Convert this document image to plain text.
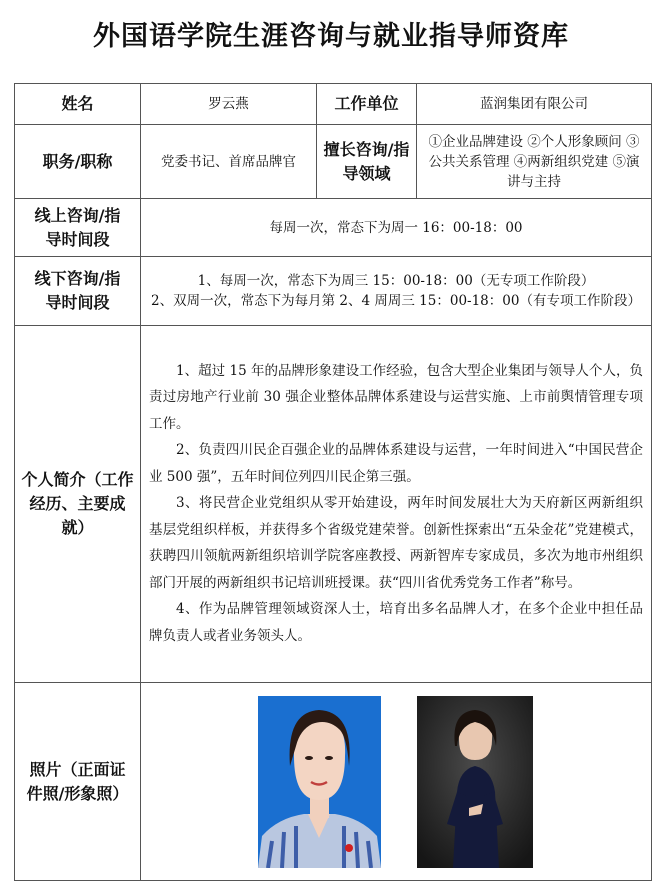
外国语学院生涯咨询与就业指导师资库
姓名	罗云燕	工作单位	蓝润集团有限公司
职务/职称	党委书记、首席品牌官	擅长咨询/指导领域	①企业品牌建设 ②个人形象顾问 ③公共关系管理 ④两新组织党建 ⑤演讲与主持
线上咨询/指导时间段	每周一次，常态下为周一 16：00-18：00		
线下咨询/指导时间段	1、每周一次，常态下为周三 15：00-18：00（无专项工作阶段）
2、双周一次，常态下为每月第 2、4 周周三 15：00-18：00（有专项工作阶段）		

个人简介（工作经历、主要成就）	1、超过 15 年的品牌形象建设工作经验，包含大型企业集团与领导人个人，负责过房地产行业前 30 强企业整体品牌体系建设与运营实施、上市前舆情管理专项工作。

2、负责四川民企百强企业的品牌体系建设与运营，一年时间进入“中国民营企业 500 强”，五年时间位列四川民企第三强。

3、将民营企业党组织从零开始建设，两年时间发展壮大为天府新区两新组织基层党组织样板，并获得多个省级党建荣誉。创新性探索出“五朵金花”党建模式，获聘四川领航两新组织培训学院客座教授、两新智库专家成员，多次为地市州组织部门开展的两新组织书记培训班授课。获“四川省优秀党务工作者”称号。

4、作为品牌管理领域资深人士，培育出多名品牌人才，在多个企业中担任品牌负责人或者业务领头人。		

照片（正面证件照/形象照）	
